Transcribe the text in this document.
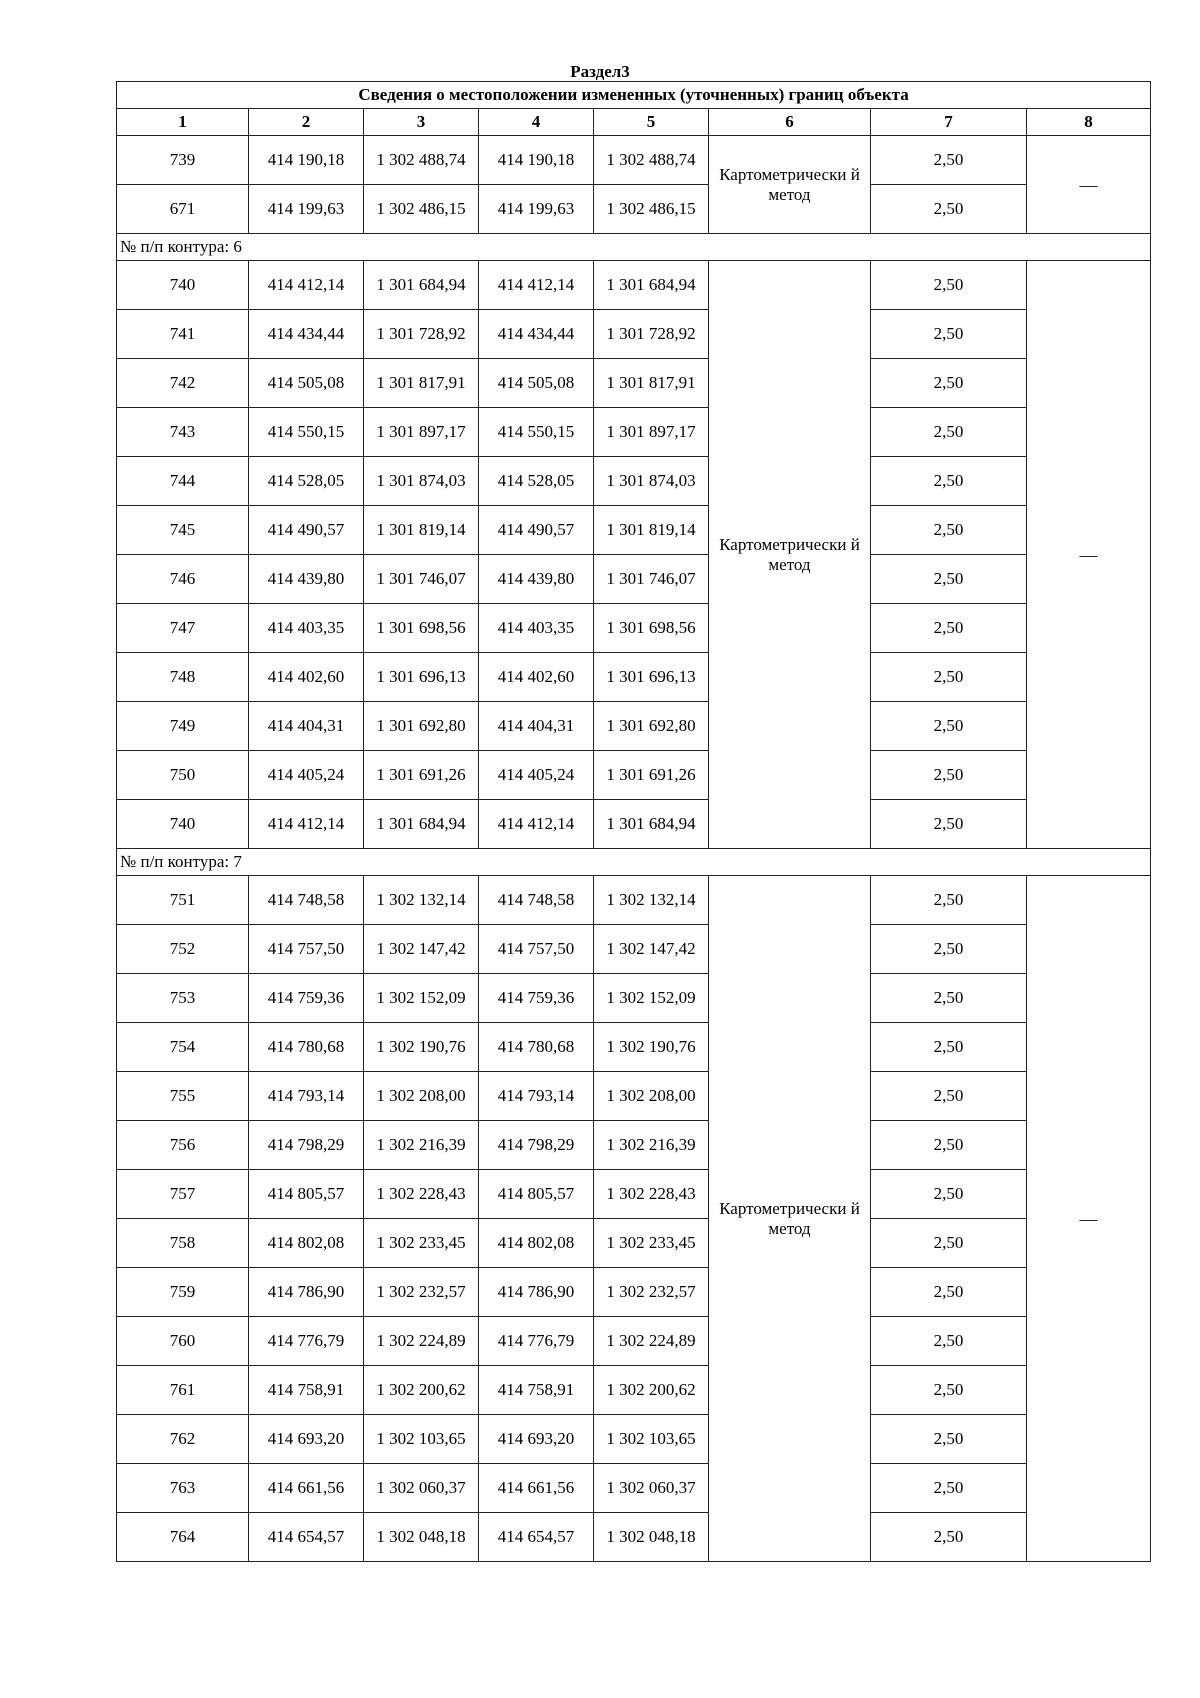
Раздел3
Сведения о местоположении измененных (уточненных) границ объекта							
1	2	3	4	5	6	7	8
739	414 190,18	1 302 488,74	414 190,18	1 302 488,74	Картометрически й метод	2,50	—
671	414 199,63	1 302 486,15	414 199,63	1 302 486,15		2,50	
№ п/п контура: 6							
740	414 412,14	1 301 684,94	414 412,14	1 301 684,94	Картометрически й метод	2,50	—
741	414 434,44	1 301 728,92	414 434,44	1 301 728,92		2,50	
742	414 505,08	1 301 817,91	414 505,08	1 301 817,91		2,50	
743	414 550,15	1 301 897,17	414 550,15	1 301 897,17		2,50	
744	414 528,05	1 301 874,03	414 528,05	1 301 874,03		2,50	
745	414 490,57	1 301 819,14	414 490,57	1 301 819,14		2,50	
746	414 439,80	1 301 746,07	414 439,80	1 301 746,07		2,50	
747	414 403,35	1 301 698,56	414 403,35	1 301 698,56		2,50	
748	414 402,60	1 301 696,13	414 402,60	1 301 696,13		2,50	
749	414 404,31	1 301 692,80	414 404,31	1 301 692,80		2,50	
750	414 405,24	1 301 691,26	414 405,24	1 301 691,26		2,50	
740	414 412,14	1 301 684,94	414 412,14	1 301 684,94		2,50	
№ п/п контура: 7							
751	414 748,58	1 302 132,14	414 748,58	1 302 132,14	Картометрически й метод	2,50	—
752	414 757,50	1 302 147,42	414 757,50	1 302 147,42		2,50	
753	414 759,36	1 302 152,09	414 759,36	1 302 152,09		2,50	
754	414 780,68	1 302 190,76	414 780,68	1 302 190,76		2,50	
755	414 793,14	1 302 208,00	414 793,14	1 302 208,00		2,50	
756	414 798,29	1 302 216,39	414 798,29	1 302 216,39		2,50	
757	414 805,57	1 302 228,43	414 805,57	1 302 228,43		2,50	
758	414 802,08	1 302 233,45	414 802,08	1 302 233,45		2,50	
759	414 786,90	1 302 232,57	414 786,90	1 302 232,57		2,50	
760	414 776,79	1 302 224,89	414 776,79	1 302 224,89		2,50	
761	414 758,91	1 302 200,62	414 758,91	1 302 200,62		2,50	
762	414 693,20	1 302 103,65	414 693,20	1 302 103,65		2,50	
763	414 661,56	1 302 060,37	414 661,56	1 302 060,37		2,50	
764	414 654,57	1 302 048,18	414 654,57	1 302 048,18		2,50	
